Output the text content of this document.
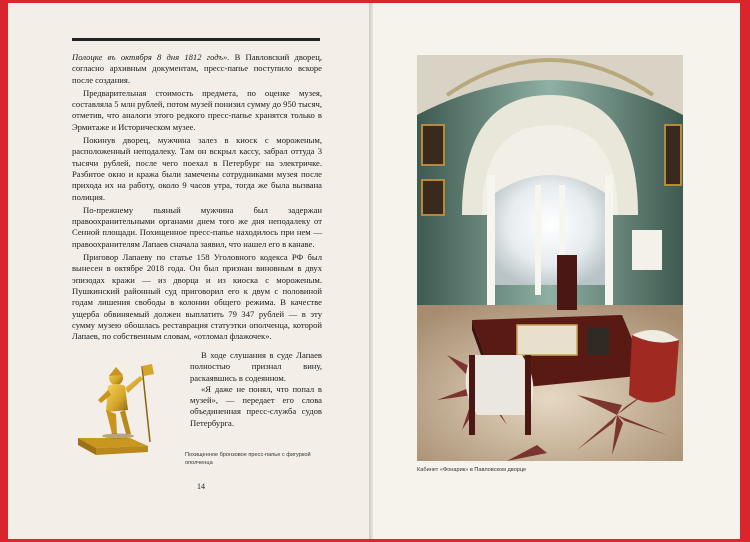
Полоцке въ октября 8 дня 1812 годъ». В Павловский дворец, согласно архивным документам, пресс-папье поступило вскоре после создания.

Предварительная стоимость предмета, по оценке музея, составляла 5 млн рублей, потом музей понизил сумму до 950 тысяч, отметив, что аналоги этого редкого пресс-папье хранятся только в Эрмитаже и Историческом музее.

Покинув дворец, мужчина залез в киоск с мороженым, расположенный неподалеку. Там он вскрыл кассу, забрал оттуда 3 тысячи рублей, после чего поехал в Петербург на электричке. Разбитое окно и кража были замечены сотрудниками музея после прихода их на работу, около 9 часов утра, тогда же была вызвана полиция.

По-прежнему пьяный мужчина был задержан правоохранительными органами днем того же дня неподалеку от Сенной площади. Похищенное пресс-папье находилось при нем — правоохранителям Лапаев сначала заявил, что нашел его в канаве.

Приговор Лапаеву по статье 158 Уголовного кодекса РФ был вынесен в октябре 2018 года. Он был признан виновным в двух эпизодах кражи — из дворца и из киоска с мороженым. Пушкинский районный суд приговорил его к двум с половиной годам лишения свободы в колонии общего режима. В качестве ущерба обвиняемый должен выплатить 79 347 рублей — в эту сумму музею обошлась реставрация статуэтки ополченца, которой Лапаев, по собственным словам, «отломал флажочек».

В ходе слушания в суде Лапаев полностью признал вину, раскаявшись в содеянном.

«Я даже не понял, что попал в музей», — передает его слова объединенная пресс-служба судов Петербурга.

Похищенное бронзовое пресс-папье с фигуркой ополченца
14
Кабинет «Фонарик» в Павловском дворце
